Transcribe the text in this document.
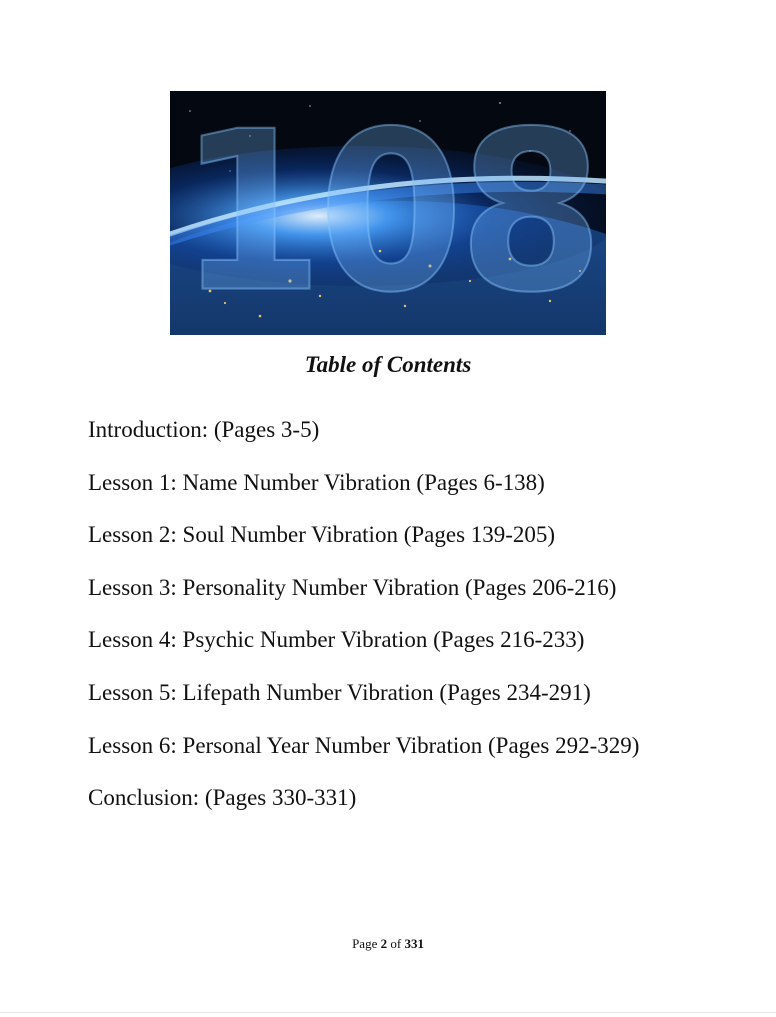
108
Table of Contents
Introduction: (Pages 3-5)
Lesson 1: Name Number Vibration (Pages 6-138)
Lesson 2: Soul Number Vibration (Pages 139-205)
Lesson 3: Personality Number Vibration (Pages 206-216)
Lesson 4: Psychic Number Vibration (Pages 216-233)
Lesson 5: Lifepath Number Vibration (Pages 234-291)
Lesson 6: Personal Year Number Vibration (Pages 292-329)
Conclusion: (Pages 330-331)
Page 2 of 331
